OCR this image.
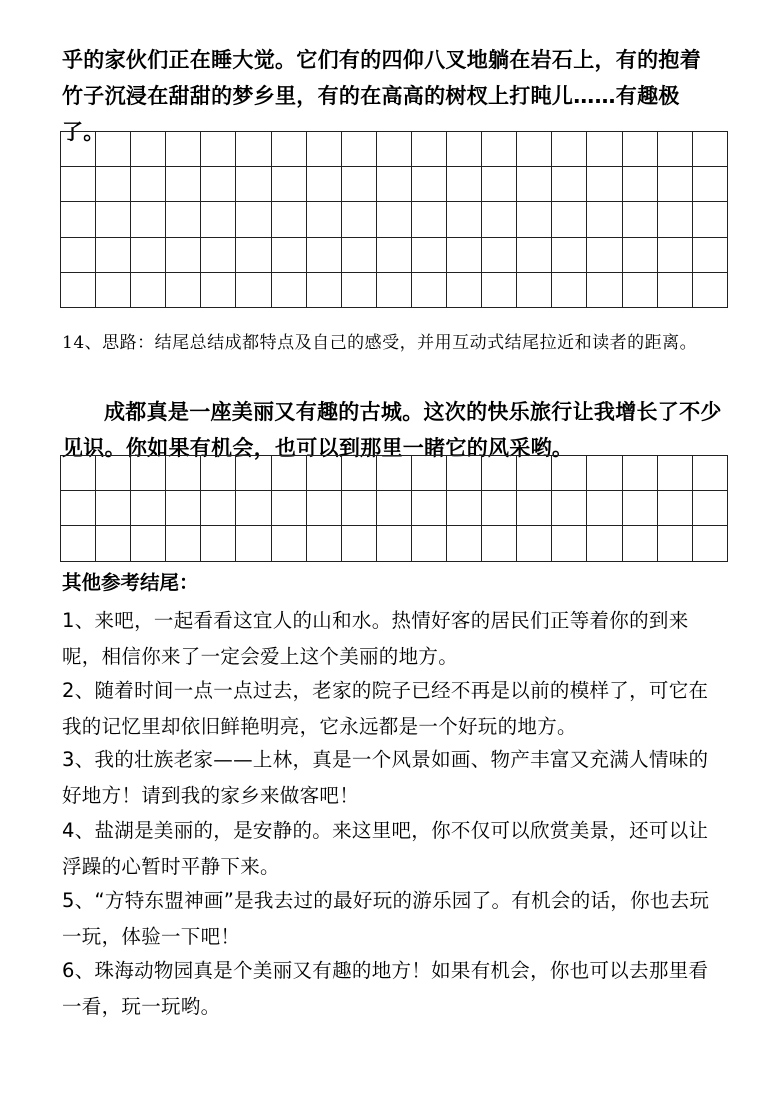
乎的家伙们正在睡大觉。它们有的四仰八叉地躺在岩石上，有的抱着竹子沉浸在甜甜的梦乡里，有的在高高的树杈上打盹儿……有趣极了。

14、思路：结尾总结成都特点及自己的感受，并用互动式结尾拉近和读者的距离。

成都真是一座美丽又有趣的古城。这次的快乐旅行让我增长了不少见识。你如果有机会，也可以到那里一睹它的风采哟。

其他参考结尾：

1、来吧，一起看看这宜人的山和水。热情好客的居民们正等着你的到来呢，相信你来了一定会爱上这个美丽的地方。

2、随着时间一点一点过去，老家的院子已经不再是以前的模样了，可它在我的记忆里却依旧鲜艳明亮，它永远都是一个好玩的地方。

3、我的壮族老家——上林，真是一个风景如画、物产丰富又充满人情味的好地方！请到我的家乡来做客吧！

4、盐湖是美丽的，是安静的。来这里吧，你不仅可以欣赏美景，还可以让浮躁的心暂时平静下来。

5、“方特东盟神画”是我去过的最好玩的游乐园了。有机会的话，你也去玩一玩，体验一下吧！

6、珠海动物园真是个美丽又有趣的地方！如果有机会，你也可以去那里看一看，玩一玩哟。
